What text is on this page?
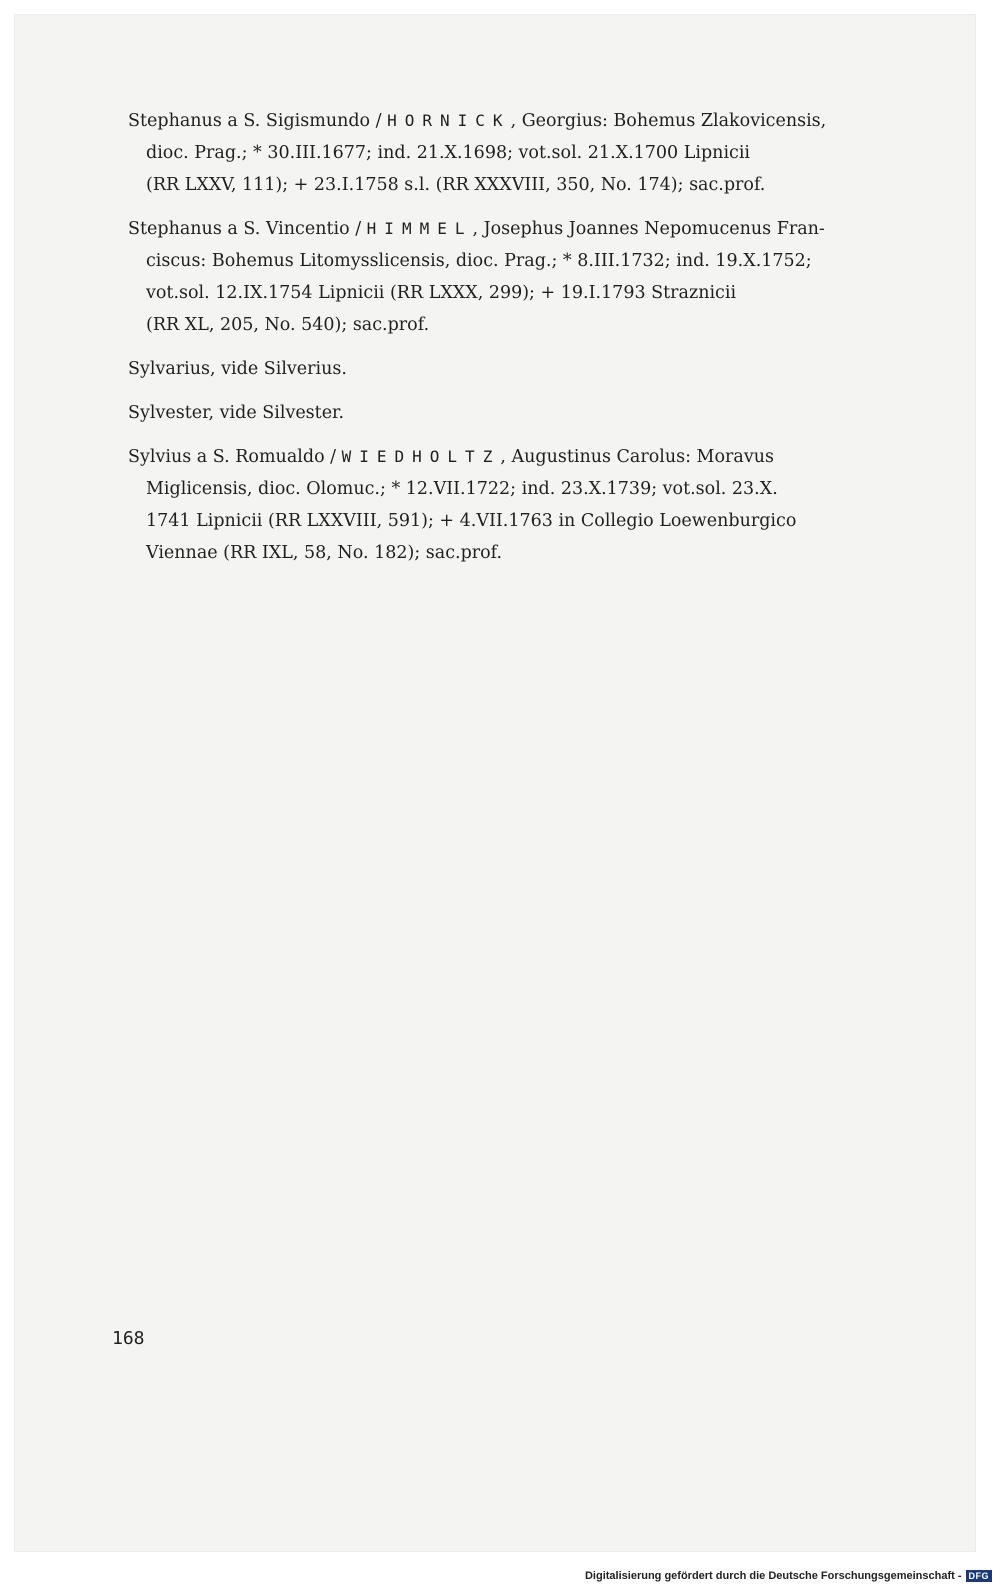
Stephanus a S. Sigismundo / HORNICK, Georgius: Bohemus Zlakovicensis,
dioc. Prag.; * 30.III.1677; ind. 21.X.1698; vot.sol. 21.X.1700 Lipnicii
(RR LXXV, 111); + 23.I.1758 s.l. (RR XXXVIII, 350, No. 174); sac.prof.
Stephanus a S. Vincentio / HIMMEL, Josephus Joannes Nepomucenus Fran-
ciscus: Bohemus Litomysslicensis, dioc. Prag.; * 8.III.1732; ind. 19.X.1752;
vot.sol. 12.IX.1754 Lipnicii (RR LXXX, 299); + 19.I.1793 Straznicii
(RR XL, 205, No. 540); sac.prof.
Sylvarius, vide Silverius.
Sylvester, vide Silvester.
Sylvius a S. Romualdo / WIEDHOLTZ, Augustinus Carolus: Moravus
Miglicensis, dioc. Olomuc.; * 12.VII.1722; ind. 23.X.1739; vot.sol. 23.X.
1741 Lipnicii (RR LXXVIII, 591); + 4.VII.1763 in Collegio Loewenburgico
Viennae (RR IXL, 58, No. 182); sac.prof.
168
Digitalisierung gefördert durch die Deutsche Forschungsgemeinschaft - DFG
